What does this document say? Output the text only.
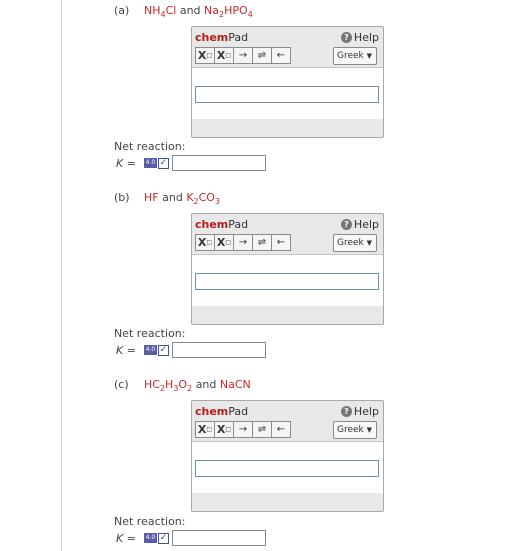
(a) $NH_4Cl$ and $Na_2HPO_4$
chemPad	? Help
X □ X □ →	⇌	←	Greek ▼
Net reaction:
K = 4.0 ✓
(b) HF and $K_2CO_3$
chemPad	? Help
X □ X □ →	⇌	←	Greek ▼
Net reaction:
K = 4.0 ✓
(c) $HC_2H_3O_2$ and NaCN
chemPad	? Help
X □ X □ →	⇌	←	Greek ▼
Net reaction:
K = 4.0 ✓
